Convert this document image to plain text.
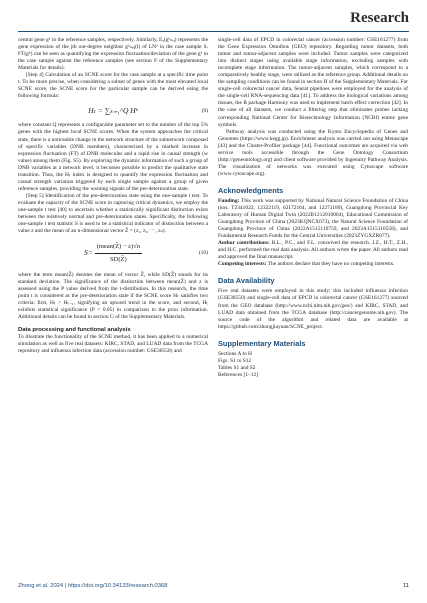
Research

central gene gᵏ in the reference samples, respectively. Similarly, Eₓ(gᵏₙₑᵢ) represents the gene expression of the jth out-degree neighbor gᵏₙₑᵢⱼ(l) of LNᵏ in the case sample S. FT(gᵏ) can be seen as quantifying the expression fluctuation/deviation of the gene gᵏ in the case sample against the reference samples (see section F of the Supplementary Materials for details).

[Step 4] Calculation of an SCNE score for the case sample at a specific time point t. To be more precise, when considering a subset of genes with the most elevated local SCNE score, the SCNE score for the particular sample can be derived using the following formula:

Hₜ = ∑ₖ₌₁^Q Hᵏ	(9)

where constant Q represents a configurable parameter set to the number of the top 5% genes with the highest local SCNE scores. When the system approaches the critical state, there is a noticeable change in the network structure of the subnetwork composed of specific variables (DNB members), characterized by a marked increase in expression fluctuation (FT) of DNB molecules and a rapid rise in causal strength (w value) among them (Fig. S5). By exploring the dynamic information of such a group of DNB variables at a network level, it becomes possible to predict the qualitative state transition. Thus, the Hₜ index is designed to quantify the expression fluctuation and causal strength variation triggered by each single sample against a group of given reference samples, providing the warning signals of the pre-deterioration state.

[Step 5] Identification of the pre-deterioration state using the one-sample t test. To evaluate the capacity of the SCNE score in capturing critical dynamics, we employ the one-sample t test [40] to ascertain whether a statistically significant distinction exists between the relatively normal and pre-deterioration states. Specifically, the following one-sample t test statistic S is used to be a statistical indicator of distinction between a value z and the mean of an n-dimensional vector Z̃ = (z₁, z₂, ⋯, zₙ).

$S= \frac{\text{(mean(Z̃) − z)√n}}{SD(Z̃)}$	(10)

where the term mean(Z̃) denotes the mean of vector Z̃, while SD(Z̃) stands for its standard deviation. The significance of the distinction between mean(Z̃) and z is assessed using the P value derived from the t-distribution. In this research, the time point t is considered as the pre-deterioration state if the SCNE score Hₜ satisfies two criteria: first, Hₜ > Hₜ₋₁, signifying an upward trend in the score, and second, Hₜ exhibits statistical significance (P < 0.05) in comparison to the prior information. Additional details can be found in section G of the Supplementary Materials.

Data processing and functional analysis

To illustrate the functionality of the SCNE method, it has been applied to a numerical simulation as well as five real datasets: KIRC, STAD, and LUAD data from the TCGA repository and influenza infection data (accession number: GSE30550) and

single-cell data of EPCD in colorectal cancer (accession number: GSE161277) from the Gene Expression Omnibus (GEO) repository. Regarding tumor datasets, both tumor and tumor-adjacent samples were included. Tumor samples were categorized into distinct stages using available stage information, excluding samples with incomplete stage information. The tumor-adjacent samples, which correspond to a comparatively healthy stage, were utilized as the reference group. Additional details on the sampling conditions can be found in section H of the Supplementary Materials. For single-cell colorectal cancer data, Seurat pipelines were employed for the analysis of the single-cell RNA-sequencing data [41]. To address the biological variations among tissues, the R package Harmony was used to implement batch effect correction [42]. In the case of all datasets, we conduct a filtering step that eliminates probes lacking corresponding National Center for Biotechnology Information (NCBI) entrez gene symbols.

Pathway analysis was conducted using the Kyoto Encyclopedia of Genes and Genomes (https://www.kegg.jp). Enrichment analysis was carried out using Metascape [43] and the Cluster-Profiler package [44]. Functional outcomes are acquired via web service tools accessible through the Gene Ontology Consortium (http://geneontology.org) and client software provided by Ingenuity Pathway Analysis. The visualization of networks was executed using Cytoscape software (www.cytoscape.org).

Acknowledgments

Funding: This work was supported by National Natural Science Foundation of China (nos. T2341022, 12322119, 62172164, and 12271180), Guangdong Provincial Key Laboratory of Human Digital Twin (2022B1212010004), Educational Commission of Guangdong Province of China (2023KQNCX073), the Natural Science Foundation of Guangdong Province of China (2022A1515110759, and 2023A1515110558), and Fundamental Research Funds for the Central Universities (2023ZYGXZR077).

Author contributions: R.L., P.C., and F.L. conceived the research. J.Z., H.T., Z.H., and H.C. performed the real data analysis. All authors wrote the paper. All authors read and approved the final manuscript.

Competing interests: The authors declare that they have no competing interests.

Data Availability

Five real datasets were employed in this study; this included influenza infection (GSE30550) and single-cell data of EPCD in colorectal cancer (GSE161277) sourced from the GEO database (http://www.ncbi.nlm.nih.gov/geo/) and KIRC, STAD, and LUAD data obtained from the TCGA database (http://cancergenome.nih.gov). The source code of the algorithm and related data are available at https://github.com/zhongjiayuan/SCNE_project.

Supplementary Materials

Sections A to H

Figs. S1 to S12

Tables S1 and S2

References [1–12]

Zhong et al. 2024 | https://doi.org/10.34133/research.0368	11
